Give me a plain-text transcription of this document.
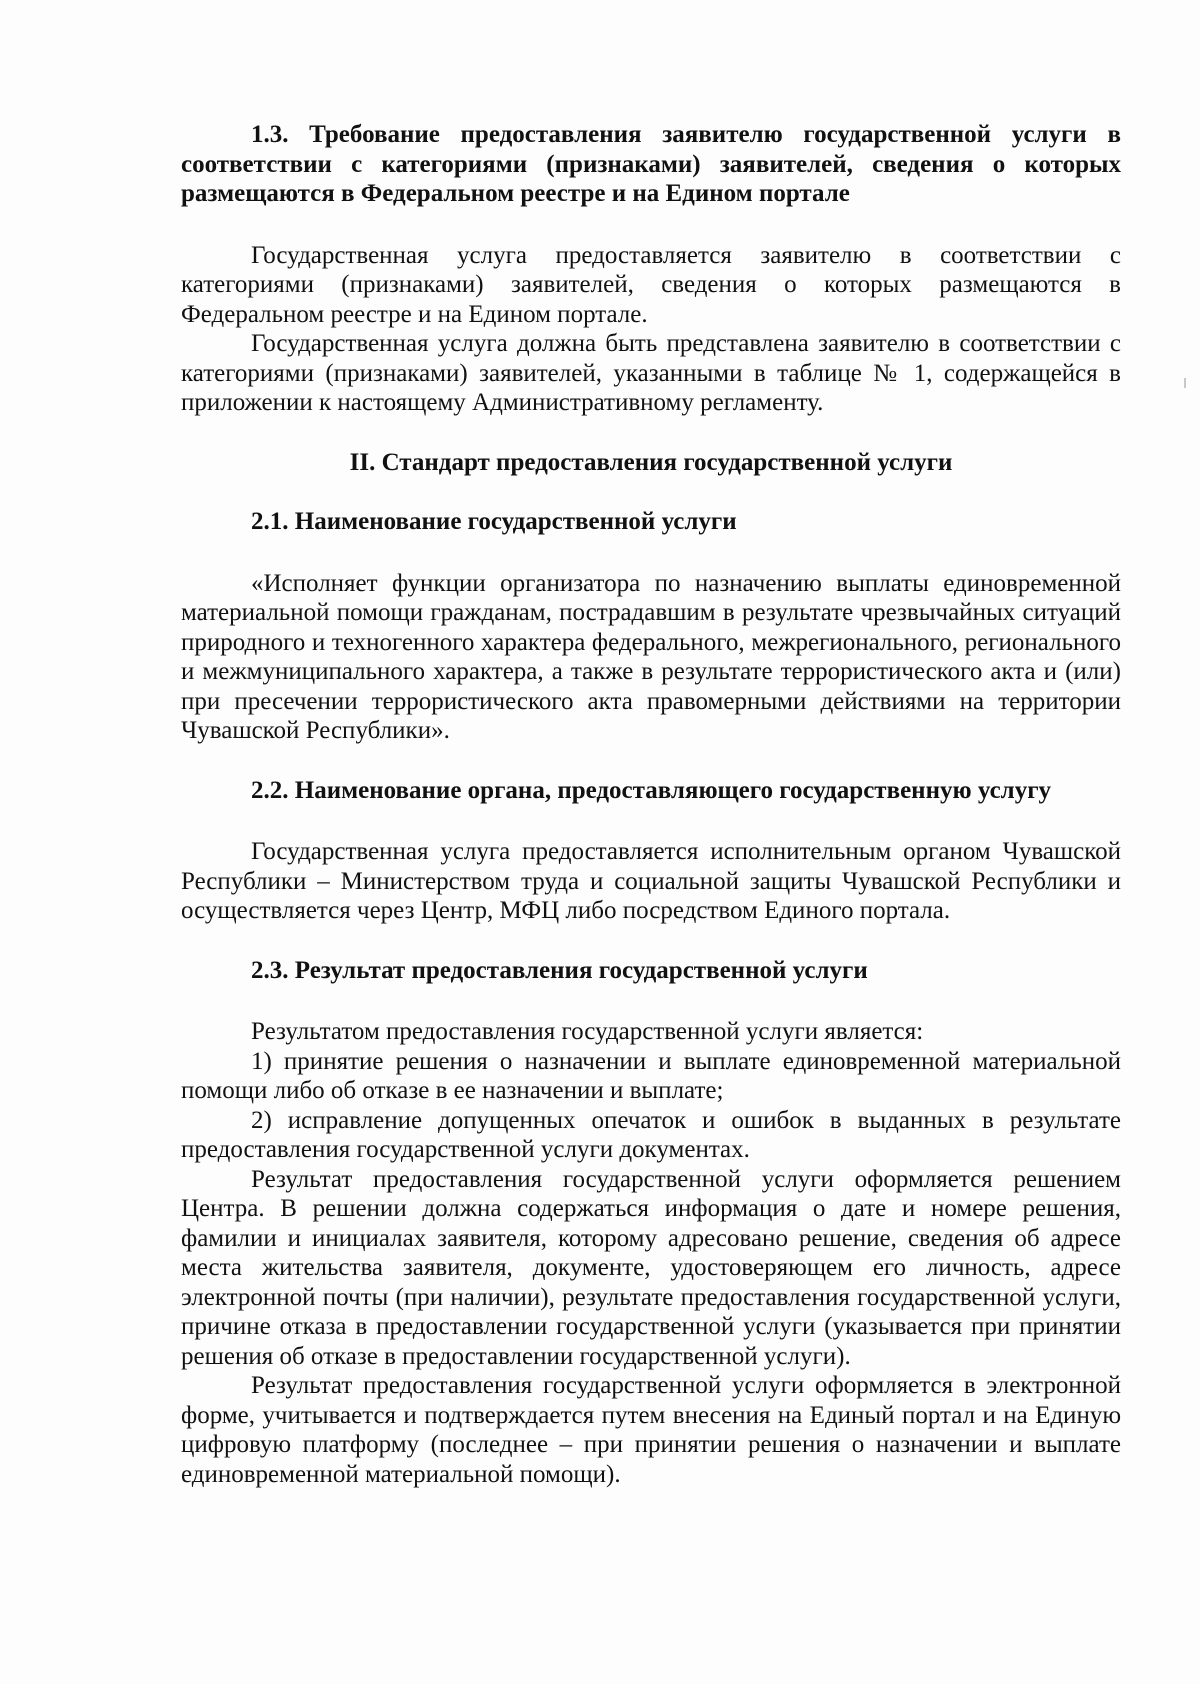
1.3. Требование предоставления заявителю государственной услуги в соответствии с категориями (признаками) заявителей, сведения о которых размещаются в Федеральном реестре и на Едином портале

Государственная услуга предоставляется заявителю в соответствии с категориями (признаками) заявителей, сведения о которых размещаются в Федеральном реестре и на Едином портале.

Государственная услуга должна быть представлена заявителю в соответствии с категориями (признаками) заявителей, указанными в таблице № 1, содержащейся в приложении к настоящему Административному регламенту.

II. Стандарт предоставления государственной услуги

2.1. Наименование государственной услуги

«Исполняет функции организатора по назначению выплаты единовременной материальной помощи гражданам, пострадавшим в результате чрезвычайных ситуаций природного и техногенного характера федерального, межрегионального, регионального и межмуниципального характера, а также в результате террористического акта и (или) при пресечении террористического акта правомерными действиями на территории Чувашской Республики».

2.2. Наименование органа, предоставляющего государственную услугу

Государственная услуга предоставляется исполнительным органом Чувашской Республики – Министерством труда и социальной защиты Чувашской Республики и осуществляется через Центр, МФЦ либо посредством Единого портала.

2.3. Результат предоставления государственной услуги

Результатом предоставления государственной услуги является:

1) принятие решения о назначении и выплате единовременной материальной помощи либо об отказе в ее назначении и выплате;

2) исправление допущенных опечаток и ошибок в выданных в результате предоставления государственной услуги документах.

Результат предоставления государственной услуги оформляется решением Центра. В решении должна содержаться информация о дате и номере решения, фамилии и инициалах заявителя, которому адресовано решение, сведения об адресе места жительства заявителя, документе, удостоверяющем его личность, адресе электронной почты (при наличии), результате предоставления государственной услуги, причине отказа в предоставлении государственной услуги (указывается при принятии решения об отказе в предоставлении государственной услуги).

Результат предоставления государственной услуги оформляется в электронной форме, учитывается и подтверждается путем внесения на Единый портал и на Единую цифровую платформу (последнее – при принятии решения о назначении и выплате единовременной материальной помощи).
